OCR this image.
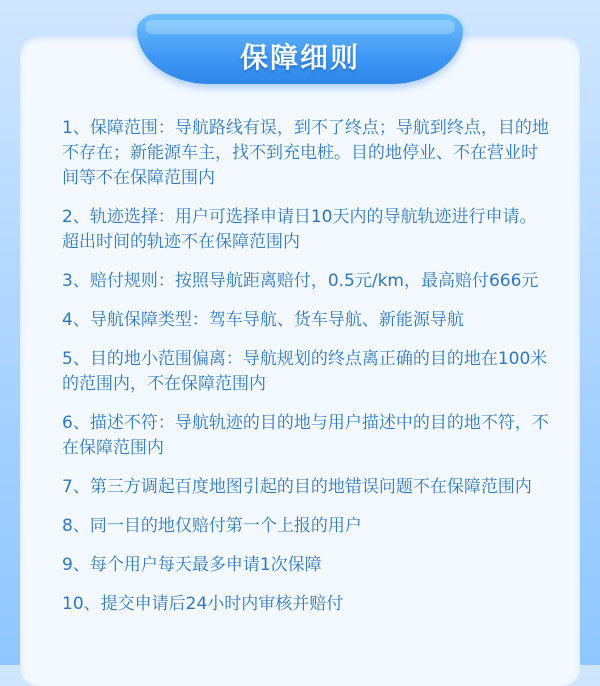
保障细则
1、保障范围：导航路线有误，到不了终点；导航到终点，目的地不存在；新能源车主，找不到充电桩。目的地停业、不在营业时间等不在保障范围内
2、轨迹选择：用户可选择申请日10天内的导航轨迹进行申请。超出时间的轨迹不在保障范围内
3、赔付规则：按照导航距离赔付，0.5元/km，最高赔付666元
4、导航保障类型：驾车导航、货车导航、新能源导航
5、目的地小范围偏离：导航规划的终点离正确的目的地在100米的范围内，不在保障范围内
6、描述不符：导航轨迹的目的地与用户描述中的目的地不符，不在保障范围内
7、第三方调起百度地图引起的目的地错误问题不在保障范围内
8、同一目的地仅赔付第一个上报的用户
9、每个用户每天最多申请1次保障
10、提交申请后24小时内审核并赔付
